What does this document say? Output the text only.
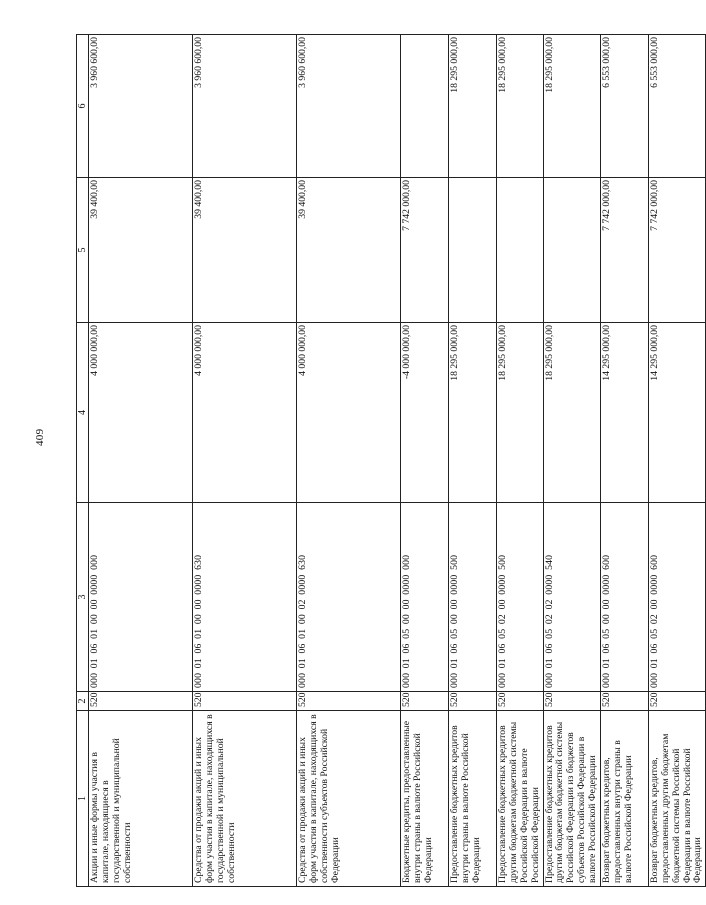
409
1	2	3	4	5	6
Акции и иные формы участия в капитале, находящиеся в государственной и муниципальной собственности	520	000 01 06 01 00 00 0000 000	4 000 000,00	39 400,00	3 960 600,00
Средства от продажи акций и иных форм участия в капитале, находящихся в государственной и муниципальной собственности	520	000 01 06 01 00 00 0000 630	4 000 000,00	39 400,00	3 960 600,00
Средства от продажи акций и иных форм участия в капитале, находящихся в собственности субъектов Российской Федерации	520	000 01 06 01 00 02 0000 630	4 000 000,00	39 400,00	3 960 600,00
Бюджетные кредиты, предоставленные внутри страны в валюте Российской Федерации	520	000 01 06 05 00 00 0000 000	-4 000 000,00	7 742 000,00	
Предоставление бюджетных кредитов внутри страны в валюте Российской Федерации	520	000 01 06 05 00 00 0000 500	18 295 000,00		18 295 000,00
Предоставление бюджетных кредитов другим бюджетам бюджетной системы Российской Федерации в валюте Российской Федерации	520	000 01 06 05 02 00 0000 500	18 295 000,00		18 295 000,00
Предоставление бюджетных кредитов другим бюджетам бюджетной системы Российской Федерации из бюджетов субъектов Российской Федерации в валюте Российской Федерации	520	000 01 06 05 02 02 0000 540	18 295 000,00		18 295 000,00
Возврат бюджетных кредитов, предоставленных внутри страны в валюте Российской Федерации	520	000 01 06 05 00 00 0000 600	14 295 000,00	7 742 000,00	6 553 000,00
Возврат бюджетных кредитов, предоставленных другим бюджетам бюджетной системы Российской Федерации в валюте Российской Федерации	520	000 01 06 05 02 00 0000 600	14 295 000,00	7 742 000,00	6 553 000,00
